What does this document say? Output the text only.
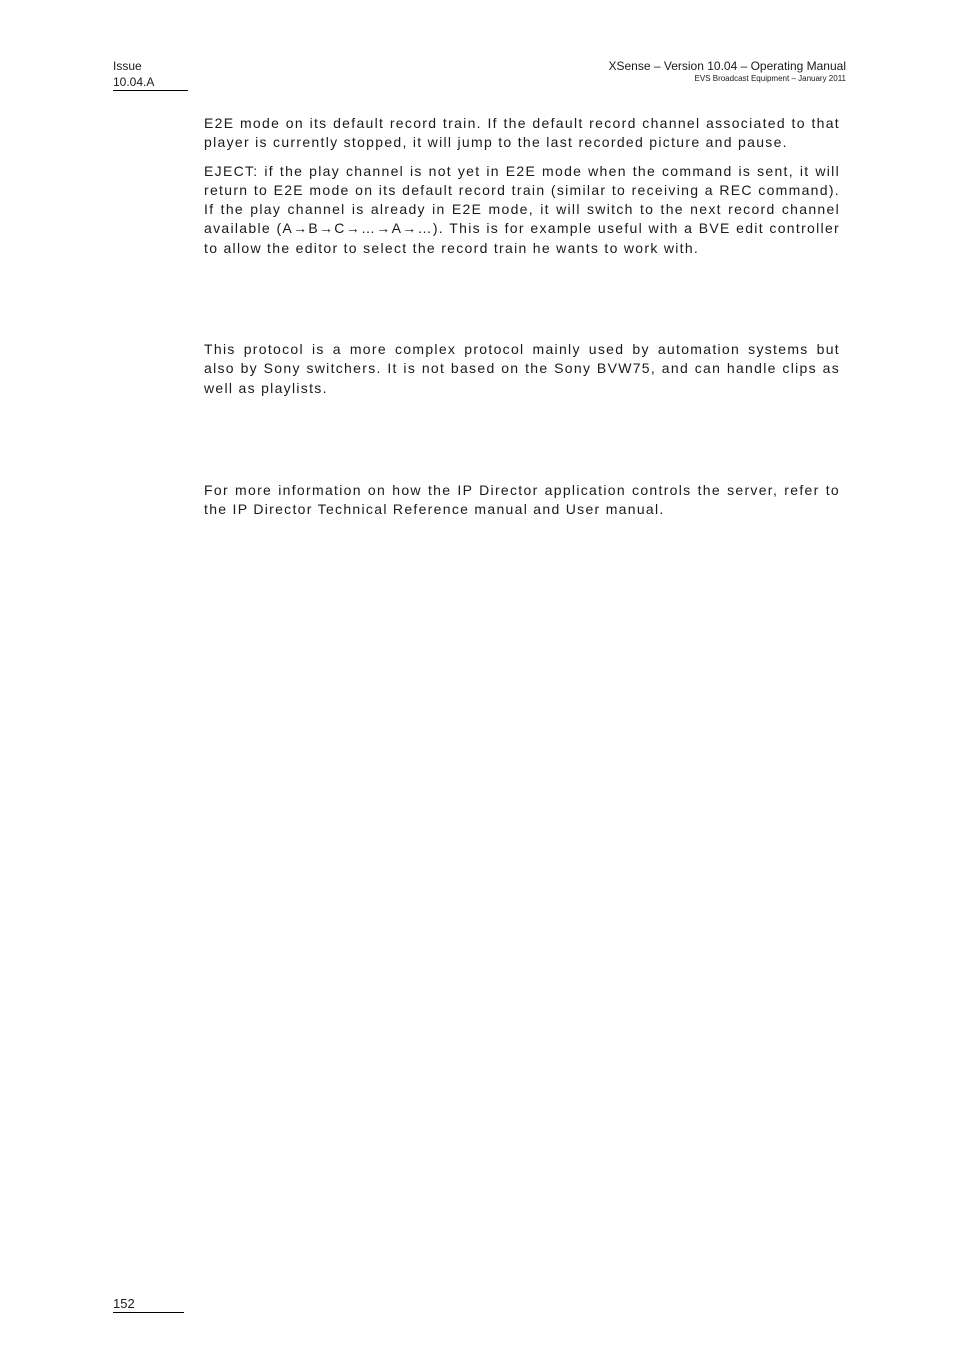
Issue
10.04.A
XSense – Version 10.04 – Operating Manual
EVS Broadcast Equipment – January 2011

E2E mode on its default record train. If the default record channel associated to that player is currently stopped, it will jump to the last recorded picture and pause.

EJECT: if the play channel is not yet in E2E mode when the command is sent, it will return to E2E mode on its default record train (similar to receiving a REC command). If the play channel is already in E2E mode, it will switch to the next record channel available (A→B→C→…→A→…). This is for example useful with a BVE edit controller to allow the editor to select the record train he wants to work with.

This protocol is a more complex protocol mainly used by automation systems but also by Sony switchers. It is not based on the Sony BVW75, and can handle clips as well as playlists.

For more information on how the IP Director application controls the server, refer to the IP Director Technical Reference manual and User manual.

152
